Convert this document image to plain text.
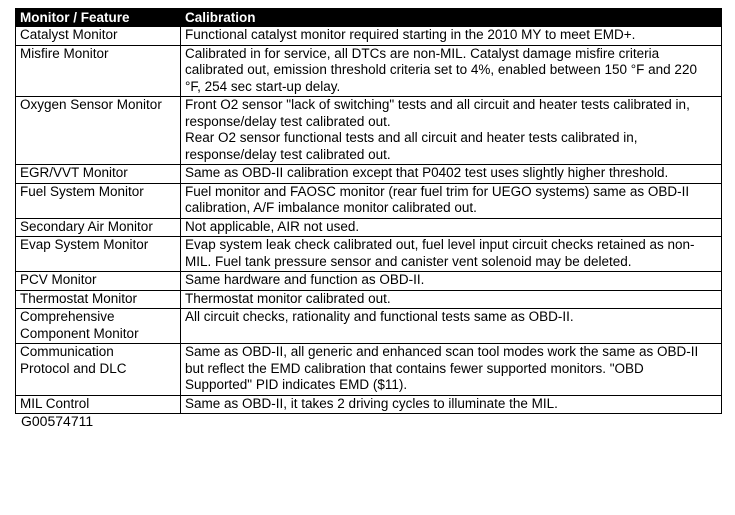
Monitor / Feature	Calibration

Catalyst Monitor	Functional catalyst monitor required starting in the 2010 MY to meet EMD+.

Misfire Monitor	Calibrated in for service, all DTCs are non-MIL. Catalyst damage misfire criteria
calibrated out, emission threshold criteria set to 4%, enabled between 150 °F and 220
°F, 254 sec start-up delay.

Oxygen Sensor Monitor	Front O2 sensor "lack of switching" tests and all circuit and heater tests calibrated in,
response/delay test calibrated out.
Rear O2 sensor functional tests and all circuit and heater tests calibrated in,
response/delay test calibrated out.

EGR/VVT Monitor	Same as OBD-II calibration except that P0402 test uses slightly higher threshold.

Fuel System Monitor	Fuel monitor and FAOSC monitor (rear fuel trim for UEGO systems) same as OBD-II
calibration, A/F imbalance monitor calibrated out.

Secondary Air Monitor	Not applicable, AIR not used.

Evap System Monitor	Evap system leak check calibrated out, fuel level input circuit checks retained as non-
MIL. Fuel tank pressure sensor and canister vent solenoid may be deleted.

PCV Monitor	Same hardware and function as OBD-II.

Thermostat Monitor	Thermostat monitor calibrated out.

Comprehensive
Component Monitor	All circuit checks, rationality and functional tests same as OBD-II.

Communication
Protocol and DLC	Same as OBD-II, all generic and enhanced scan tool modes work the same as OBD-II
but reflect the EMD calibration that contains fewer supported monitors. "OBD
Supported" PID indicates EMD ($11).

MIL Control	Same as OBD-II, it takes 2 driving cycles to illuminate the MIL.
G00574711
